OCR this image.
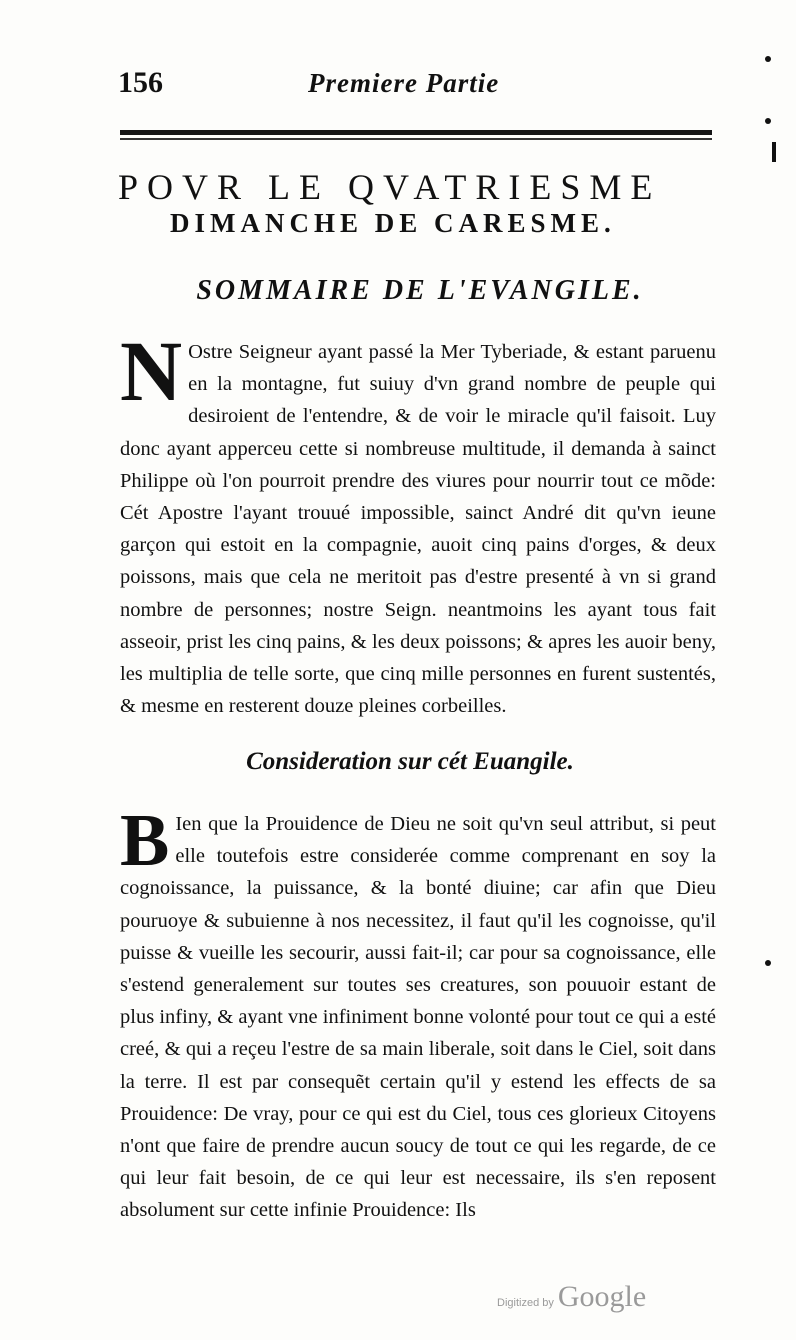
156	Premiere Partie
POVR LE QVATRIESME
DIMANCHE DE CARESME.
SOMMAIRE DE L'EVANGILE.
N Ostre Seigneur ayant passé la Mer Tyberiade, & estant paruenu en la montagne, fut suiuy d'vn grand nombre de peuple qui desiroient de l'entendre, & de voir le miracle qu'il faisoit. Luy donc ayant apperceu cette si nombreuse multitude, il demanda à sainct Philippe où l'on pourroit prendre des viures pour nourrir tout ce mõde: Cét Apostre l'ayant trouué impossible, sainct André dit qu'vn ieune garçon qui estoit en la compagnie, auoit cinq pains d'orges, & deux poissons, mais que cela ne meritoit pas d'estre presenté à vn si grand nombre de personnes; nostre Seign. neantmoins les ayant tous fait asseoir, prist les cinq pains, & les deux poissons; & apres les auoir beny, les multiplia de telle sorte, que cinq mille personnes en furent sustentés, & mesme en resterent douze pleines corbeilles.
Consideration sur cét Euangile.
B Ien que la Prouidence de Dieu ne soit qu'vn seul attribut, si peut elle toutefois estre considerée comme comprenant en soy la cognoissance, la puissance, & la bonté diuine; car afin que Dieu pouruoye & subuienne à nos necessitez, il faut qu'il les cognoisse, qu'il puisse & vueille les secourir, aussi fait-il; car pour sa cognoissance, elle s'estend generalement sur toutes ses creatures, son pouuoir estant de plus infiny, & ayant vne infiniment bonne volonté pour tout ce qui a esté creé, & qui a reçeu l'estre de sa main liberale, soit dans le Ciel, soit dans la terre. Il est par consequẽt certain qu'il y estend les effects de sa Prouidence: De vray, pour ce qui est du Ciel, tous ces glorieux Citoyens n'ont que faire de prendre aucun soucy de tout ce qui les regarde, de ce qui leur fait besoin, de ce qui leur est necessaire, ils s'en reposent absolument sur cette infinie Prouidence: Ils
Digitized by Google
